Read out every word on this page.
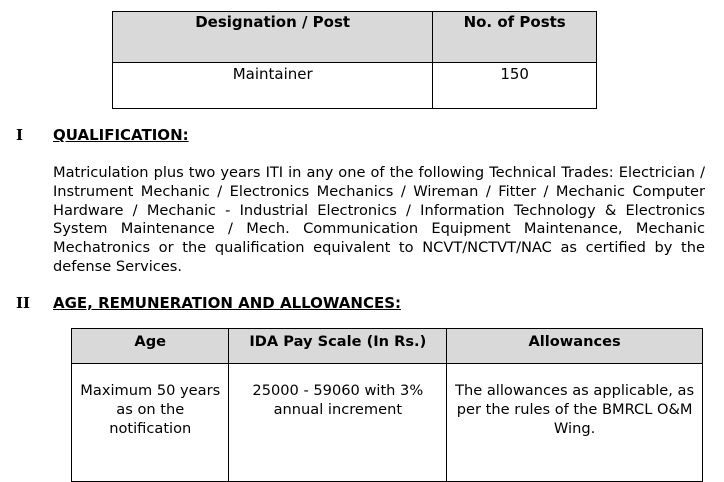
Designation / Post	No. of Posts
Maintainer	150
I QUALIFICATION:

Matriculation plus two years ITI in any one of the following Technical Trades: Electrician / Instrument Mechanic / Electronics Mechanics / Wireman / Fitter / Mechanic Computer Hardware / Mechanic - Industrial Electronics / Information Technology & Electronics System Maintenance / Mech. Communication Equipment Maintenance, Mechanic Mechatronics or the qualification equivalent to NCVT/NCTVT/NAC as certified by the defense Services.

II AGE, REMUNERATION AND ALLOWANCES:
Age	IDA Pay Scale (In Rs.)	Allowances
Maximum 50 years as on the notification	25000 - 59060 with 3% annual increment	The allowances as applicable, as per the rules of the BMRCL O&M Wing.
